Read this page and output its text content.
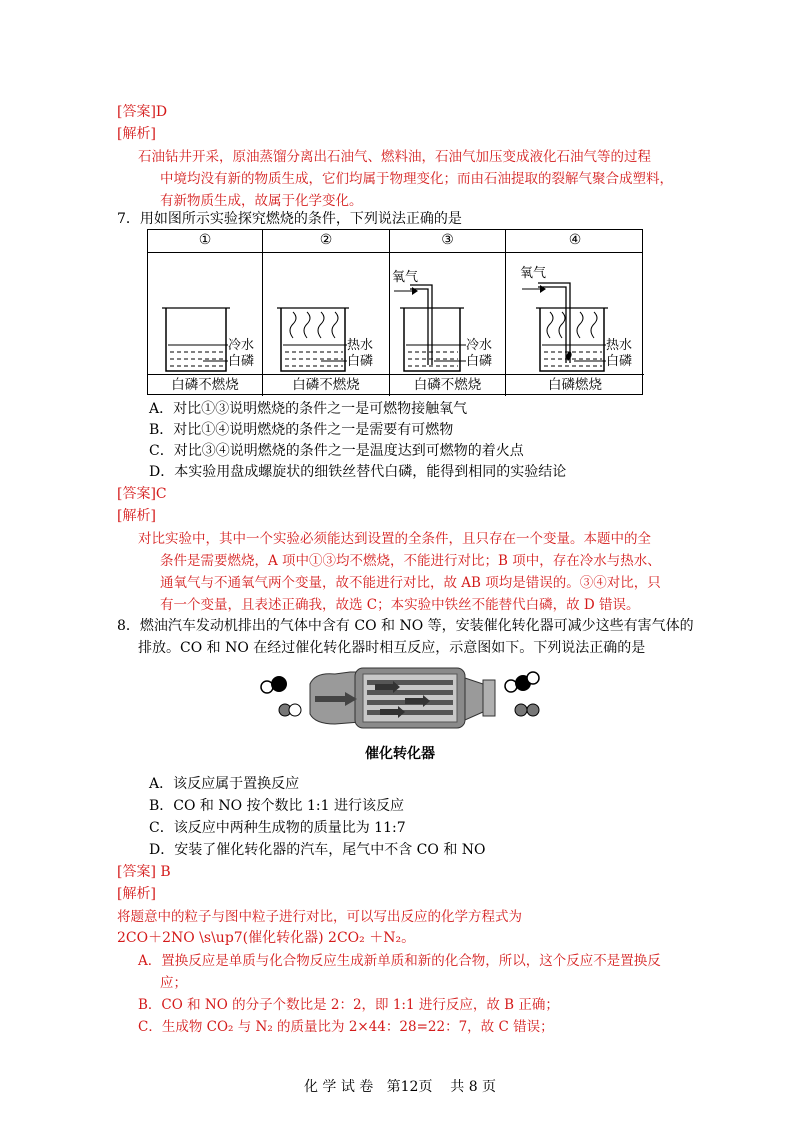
[答案]D
[解析]
石油钻井开采，原油蒸馏分离出石油气、燃料油，石油气加压变成液化石油气等的过程
中境均没有新的物质生成，它们均属于物理变化；而由石油提取的裂解气聚合成塑料，
有新物质生成，故属于化学变化。
7．用如图所示实验探究燃烧的条件，下列说法正确的是
①
冷水
白磷
白磷不燃烧
②
热水
白磷
白磷不燃烧
③
氧气
冷水
白磷
白磷不燃烧
④
氧气
热水
白磷
白磷燃烧
A．对比①③说明燃烧的条件之一是可燃物接触氧气
B．对比①④说明燃烧的条件之一是需要有可燃物
C．对比③④说明燃烧的条件之一是温度达到可燃物的着火点
D．本实验用盘成螺旋状的细铁丝替代白磷，能得到相同的实验结论
[答案]C
[解析]
对比实验中，其中一个实验必须能达到设置的全条件，且只存在一个变量。本题中的全
条件是需要燃烧，A 项中①③均不燃烧，不能进行对比；B 项中，存在冷水与热水、
通氧气与不通氧气两个变量，故不能进行对比，故 AB 项均是错误的。③④对比，只
有一个变量，且表述正确我，故选 C；本实验中铁丝不能替代白磷，故 D 错误。
8．燃油汽车发动机排出的气体中含有 CO 和 NO 等，安装催化转化器可减少这些有害气体的
排放。CO 和 NO 在经过催化转化器时相互反应，示意图如下。下列说法正确的是
催化转化器
A．该反应属于置换反应
B．CO 和 NO 按个数比 1:1 进行该反应
C．该反应中两种生成物的质量比为 11:7
D．安装了催化转化器的汽车，尾气中不含 CO 和 NO
[答案] B
[解析]
将题意中的粒子与图中粒子进行对比，可以写出反应的化学方程式为
2CO＋2NO \s\up7(催化转化器) 2CO₂ ＋N₂。
A．置换反应是单质与化合物反应生成新单质和新的化合物，所以，这个反应不是置换反
应；
B．CO 和 NO 的分子个数比是 2：2，即 1:1 进行反应，故 B 正确；
C．生成物 CO₂ 与 N₂ 的质量比为 2×44：28=22：7，故 C 错误；
化 学 试 卷   第12页    共 8 页
